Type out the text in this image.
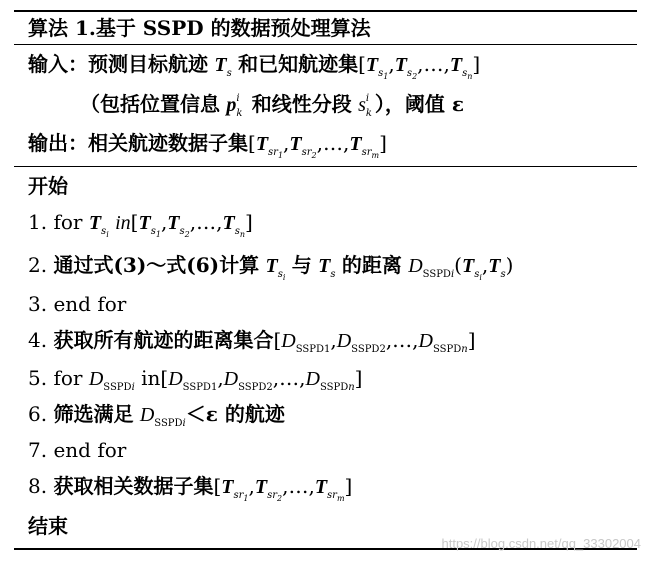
算法 1.基于 SSPD 的数据预处理算法
输入：预测目标航迹 $T_s$ 和已知航迹集$[T_{s_1},T_{s_2},\dots,T_{s_n}]$
（包括位置信息 p i
k 和线性分段 s i
k ），阈值 ε
输出：相关航迹数据子集$[T_{sr_1},T_{sr_2},\dots,T_{sr_m}]$
开始
1. for $T_{s_i}$ $in[T_{s_1},T_{s_2},\dots,T_{s_n}]$
2. 通过式(3)～式(6)计算 $T_{s_i}$ 与 $T_s$ 的距离 $D_{SSPDi}(T_{s_i},T_s)$
3. end for
4. 获取所有航迹的距离集合$[D_{SSPD1},D_{SSPD2},\dots,D_{SSPDn}]$
5. for $D_{SSPDi}$ $in[D_{SSPD1},D_{SSPD2},\dots,D_{SSPDn}]$
6. 筛选满足 $D_{SSPDi}<\varepsilon$ 的航迹
7. end for
8. 获取相关数据子集$[T_{sr_1},T_{sr_2},\dots,T_{sr_m}]$
结束
https://blog.csdn.net/qq_33302004
